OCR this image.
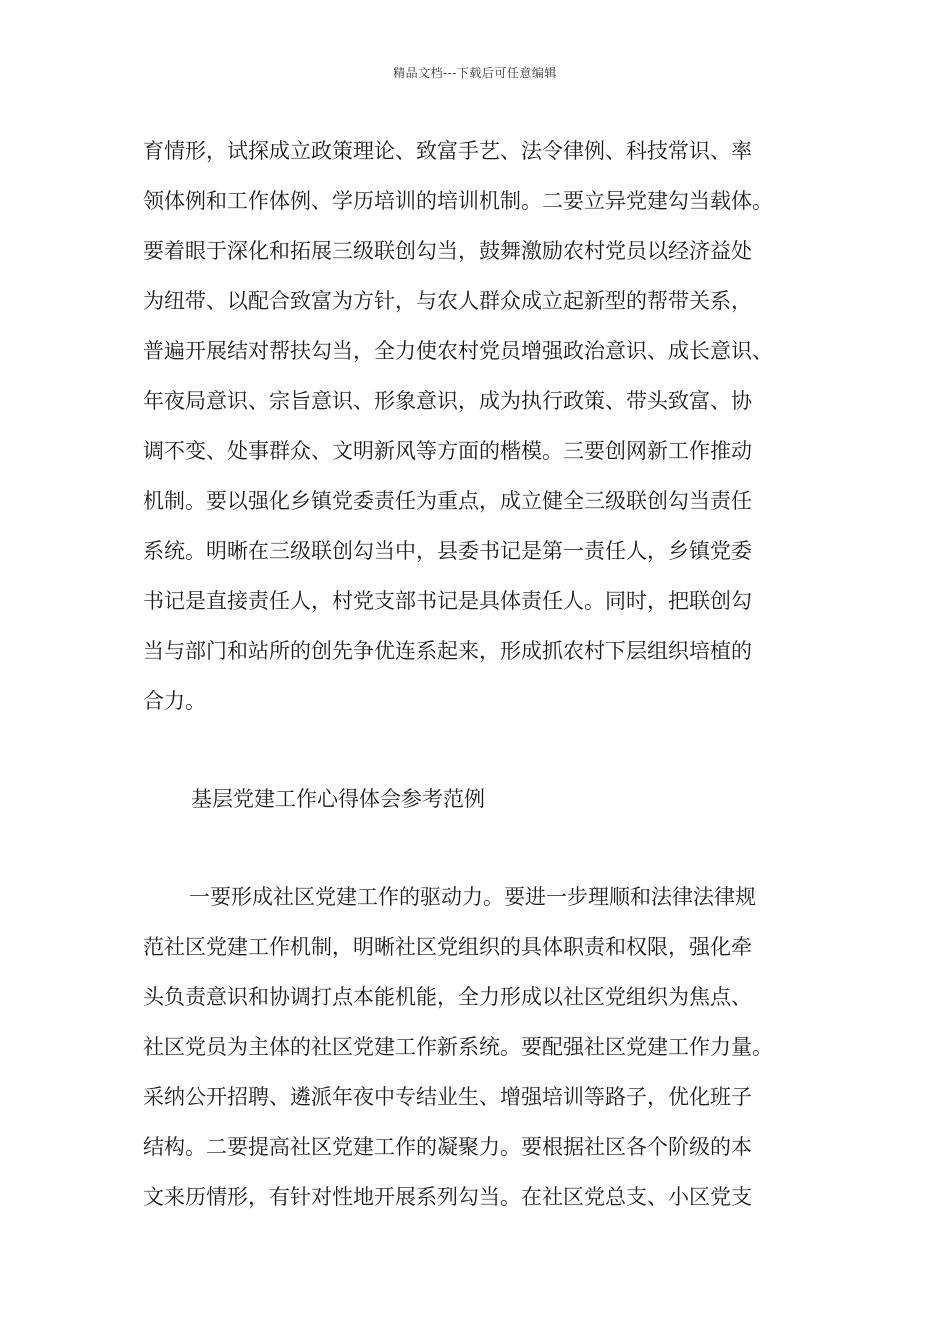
精品文档---下载后可任意编辑
育情形，试探成立政策理论、致富手艺、法令律例、科技常识、率
领体例和工作体例、学历培训的培训机制。二要立异党建勾当载体。
要着眼于深化和拓展三级联创勾当，鼓舞激励农村党员以经济益处
为纽带、以配合致富为方针，与农人群众成立起新型的帮带关系，
普遍开展结对帮扶勾当，全力使农村党员增强政治意识、成长意识、
年夜局意识、宗旨意识、形象意识，成为执行政策、带头致富、协
调不变、处事群众、文明新风等方面的楷模。三要创网新工作推动
机制。要以强化乡镇党委责任为重点，成立健全三级联创勾当责任
系统。明晰在三级联创勾当中，县委书记是第一责任人，乡镇党委
书记是直接责任人，村党支部书记是具体责任人。同时，把联创勾
当与部门和站所的创先争优连系起来，形成抓农村下层组织培植的
合力。
基层党建工作心得体会参考范例
一要形成社区党建工作的驱动力。要进一步理顺和法律法律规
范社区党建工作机制，明晰社区党组织的具体职责和权限，强化牵
头负责意识和协调打点本能机能，全力形成以社区党组织为焦点、
社区党员为主体的社区党建工作新系统。要配强社区党建工作力量。
采纳公开招聘、遴派年夜中专结业生、增强培训等路子，优化班子
结构。二要提高社区党建工作的凝聚力。要根据社区各个阶级的本
文来历情形，有针对性地开展系列勾当。在社区党总支、小区党支
